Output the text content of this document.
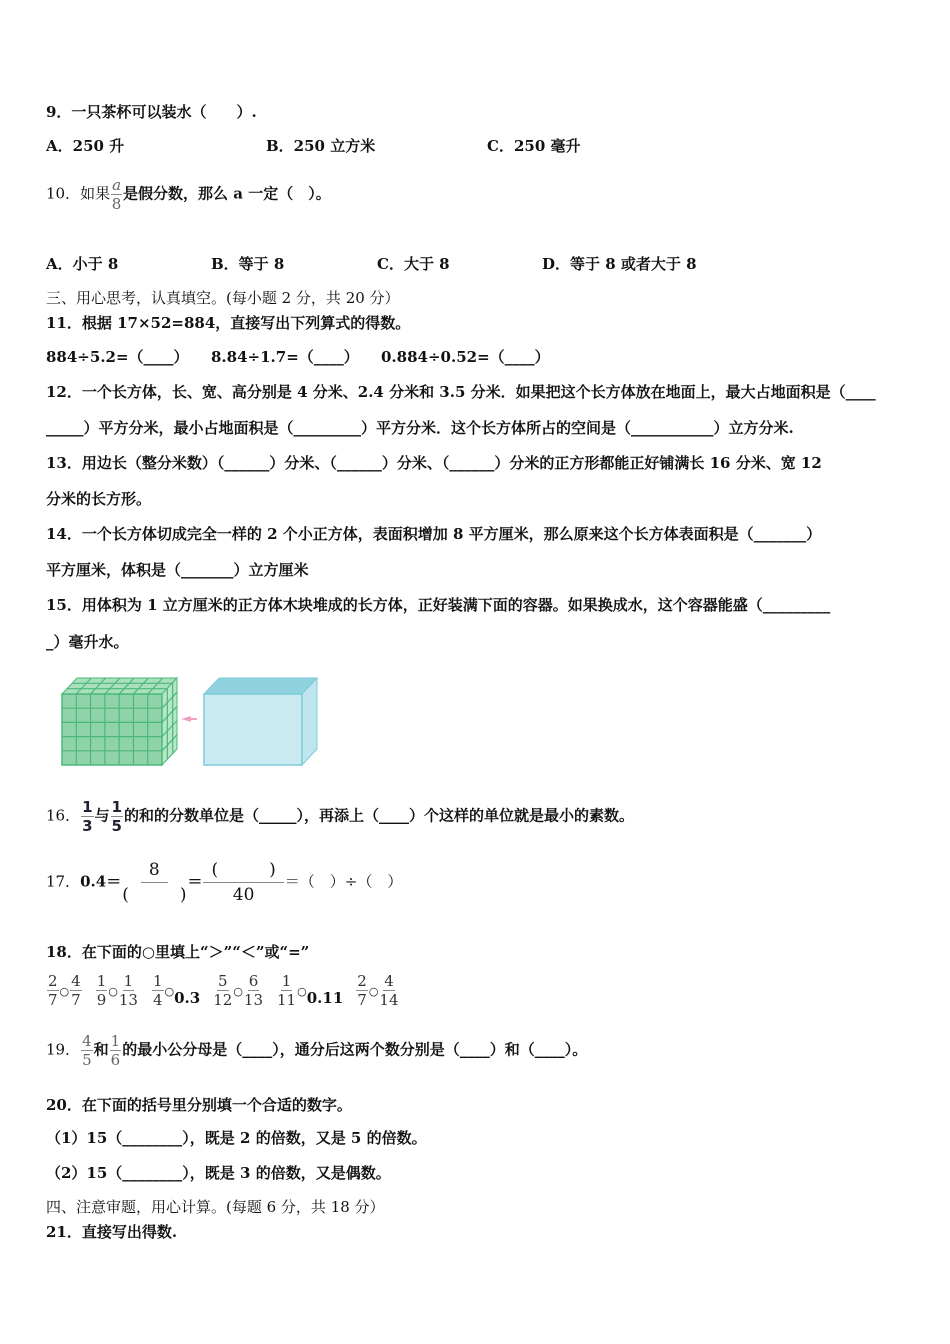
9．一只茶杯可以装水（　　）.
A．250 升	B．250 立方米	C．250 毫升
10．如果 $\frac{a}{8}$ 是假分数，那么 a 一定（　）。
A．小于 8	B．等于 8	C．大于 8	D．等于 8 或者大于 8
三、用心思考，认真填空。(每小题 2 分，共 20 分）
11．根据 17×52=884，直接写出下列算式的得数。
884÷5.2=（____） 8.84÷1.7=（____） 0.884÷0.52=（____）
12．一个长方体，长、宽、高分别是 4 分米、2.4 分米和 3.5 分米．如果把这个长方体放在地面上，最大占地面积是（____
_____）平方分米，最小占地面积是（_________）平方分米．这个长方体所占的空间是（___________）立方分米.
13．用边长（整分米数）（______）分米、（______）分米、（______）分米的正方形都能正好铺满长 16 分米、宽 12
分米的长方形。
14．一个长方体切成完全一样的 2 个小正方体，表面积增加 8 平方厘米，那么原来这个长方体表面积是（_______）
平方厘米，体积是（_______）立方厘米
15．用体积为 1 立方厘米的正方体木块堆成的长方体，正好装满下面的容器。如果换成水，这个容器能盛（_________
_）毫升水。
16． $\frac{1}{3}$ 与 $\frac{1}{5}$ 的和的分数单位是（_____），再添上（____）个这样的单位就是最小的素数。
17．0.4＝
8
(　　　)
＝
(　　　)
40
＝（　）÷（　）
18．在下面的○里填上“＞”“＜”或“=”
$\frac{2}{7}$ ○ $\frac{4}{7} \frac{1}{9}$ ○ $\frac{1}{13} \frac{1}{4}$ ○0.3 $\frac{5}{12}$ ○ $\frac{6}{13} \frac{1}{11}$ ○0.11 $\frac{2}{7}$ ○ $\frac{4}{14}$
19． $\frac{4}{5}$ 和 $\frac{1}{6}$ 的最小公分母是（____），通分后这两个数分别是（____）和（____）。
20．在下面的括号里分别填一个合适的数字。
（1）15（________），既是 2 的倍数，又是 5 的倍数。
（2）15（________），既是 3 的倍数，又是偶数。
四、注意审题，用心计算。(每题 6 分，共 18 分）
21．直接写出得数.
